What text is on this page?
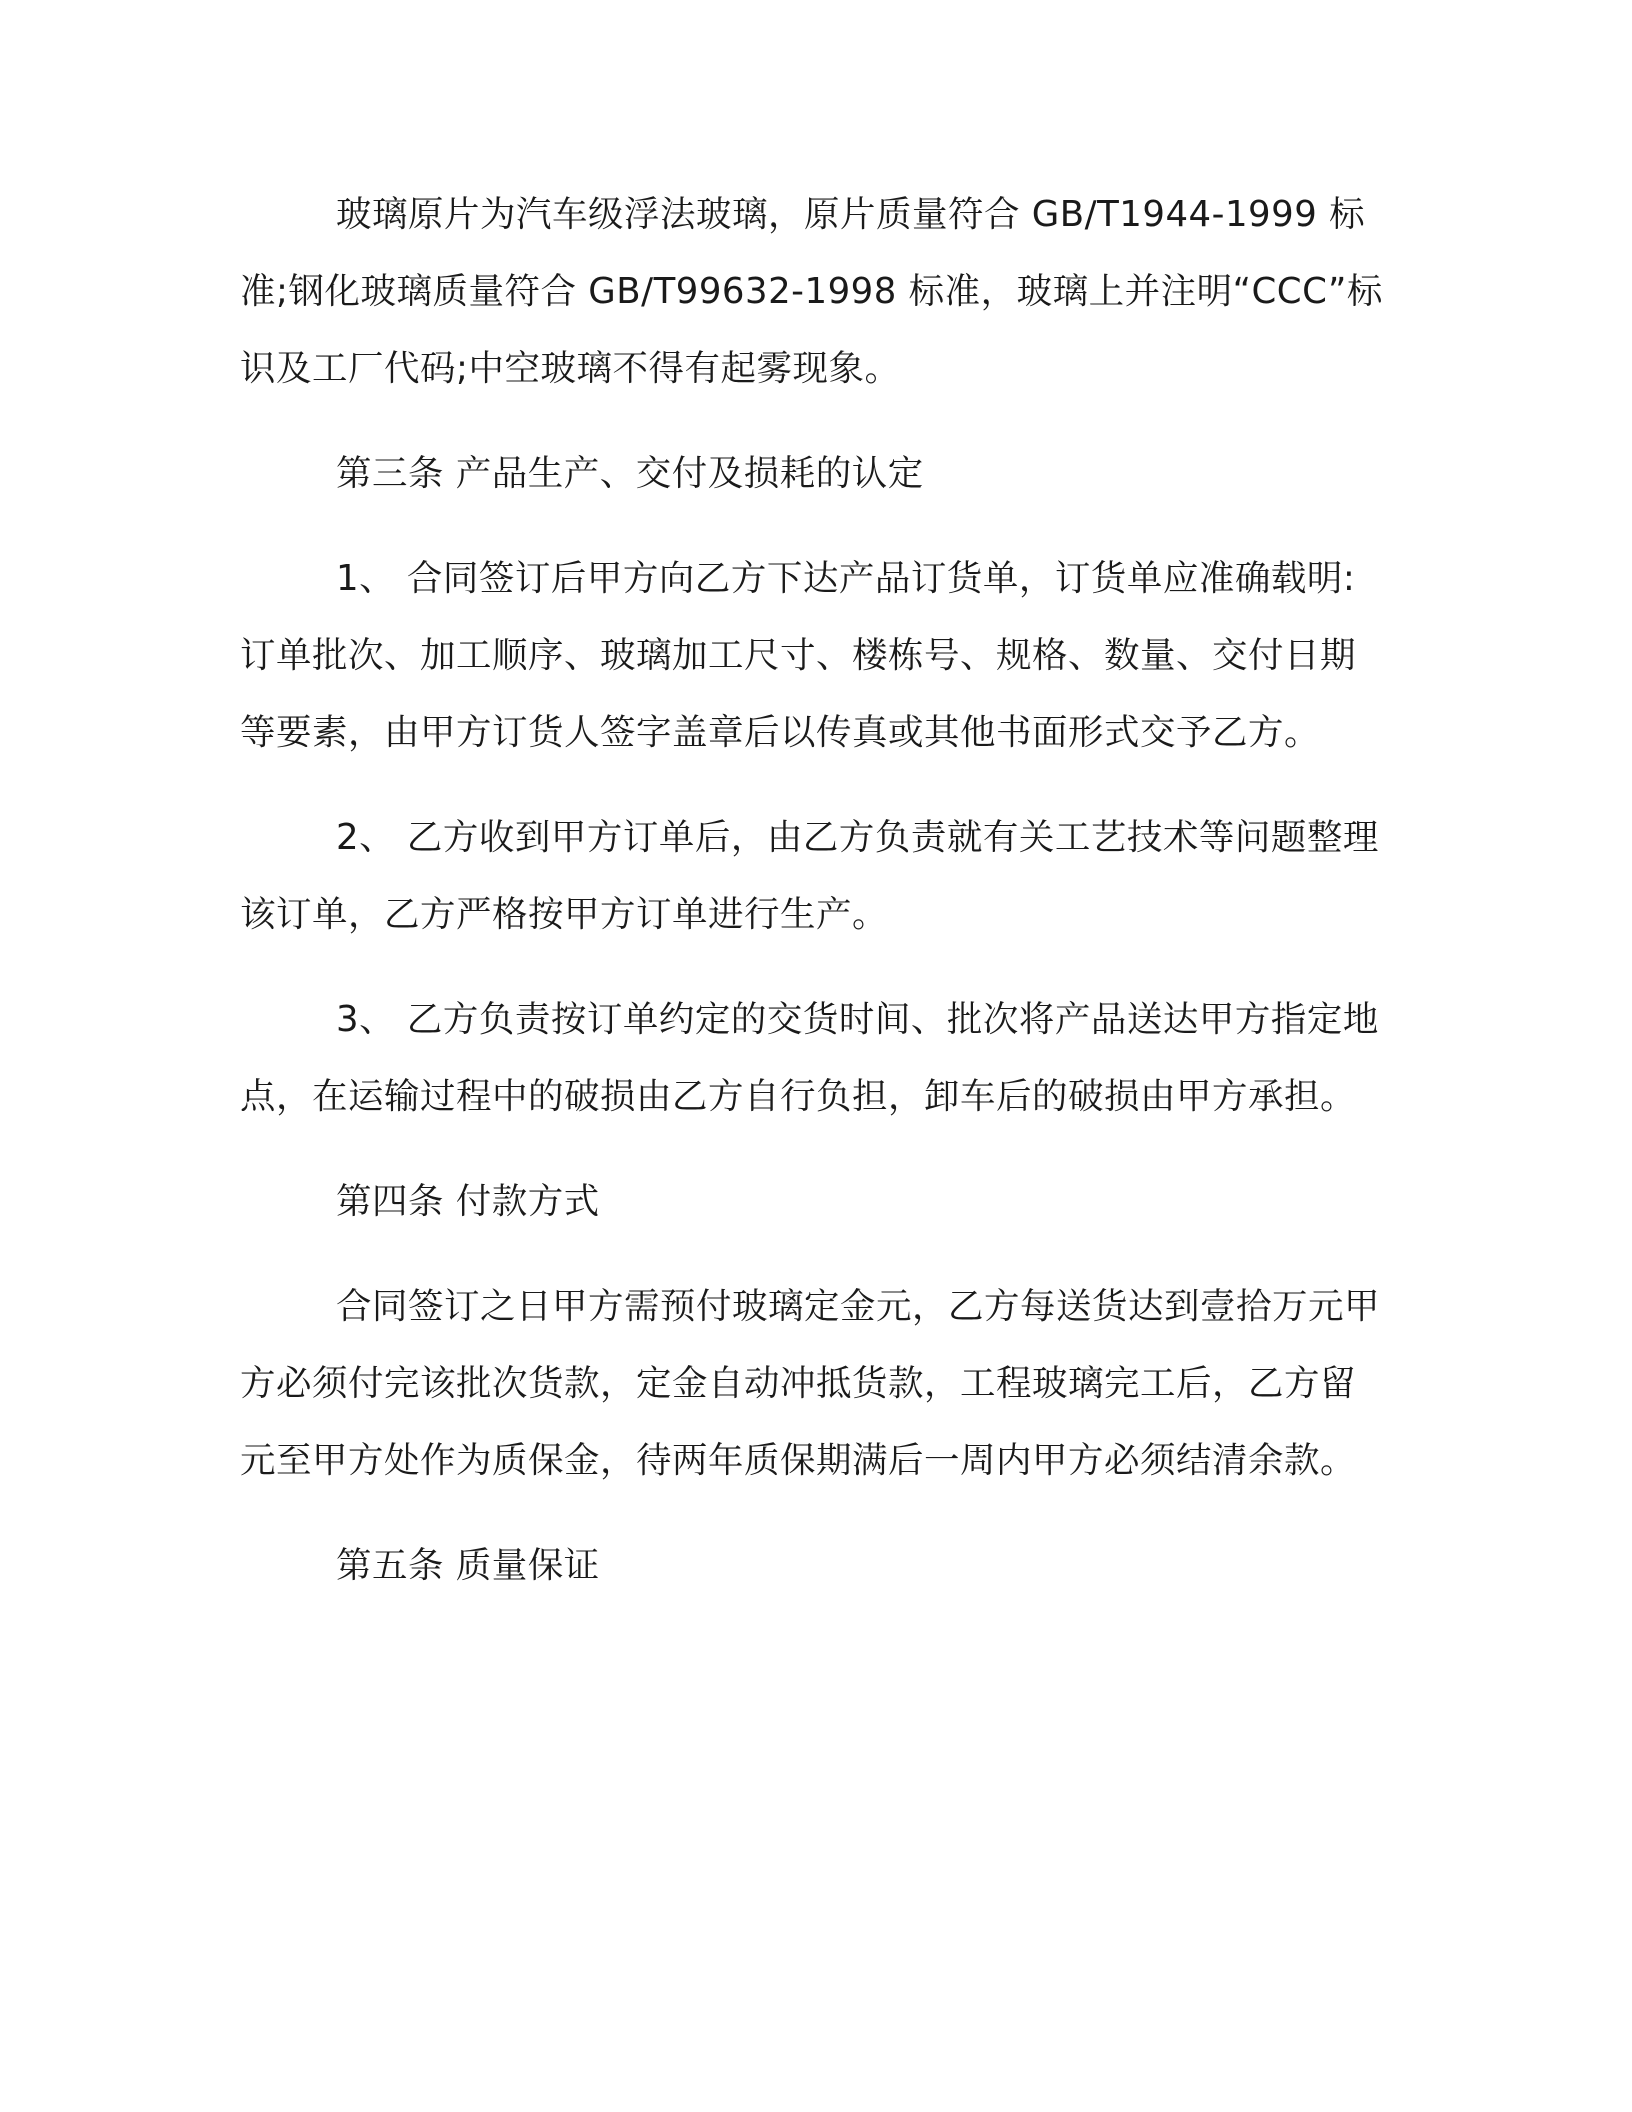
玻璃原片为汽车级浮法玻璃，原片质量符合 GB/T1944-1999 标准;钢化玻璃质量符合 GB/T99632-1998 标准，玻璃上并注明“CCC”标识及工厂代码;中空玻璃不得有起雾现象。

第三条 产品生产、交付及损耗的认定

1、 合同签订后甲方向乙方下达产品订货单，订货单应准确载明:订单批次、加工顺序、玻璃加工尺寸、楼栋号、规格、数量、交付日期等要素，由甲方订货人签字盖章后以传真或其他书面形式交予乙方。

2、 乙方收到甲方订单后，由乙方负责就有关工艺技术等问题整理该订单，乙方严格按甲方订单进行生产。

3、 乙方负责按订单约定的交货时间、批次将产品送达甲方指定地点，在运输过程中的破损由乙方自行负担，卸车后的破损由甲方承担。

第四条 付款方式

合同签订之日甲方需预付玻璃定金元，乙方每送货达到壹拾万元甲方必须付完该批次货款，定金自动冲抵货款，工程玻璃完工后，乙方留元至甲方处作为质保金，待两年质保期满后一周内甲方必须结清余款。

第五条 质量保证
